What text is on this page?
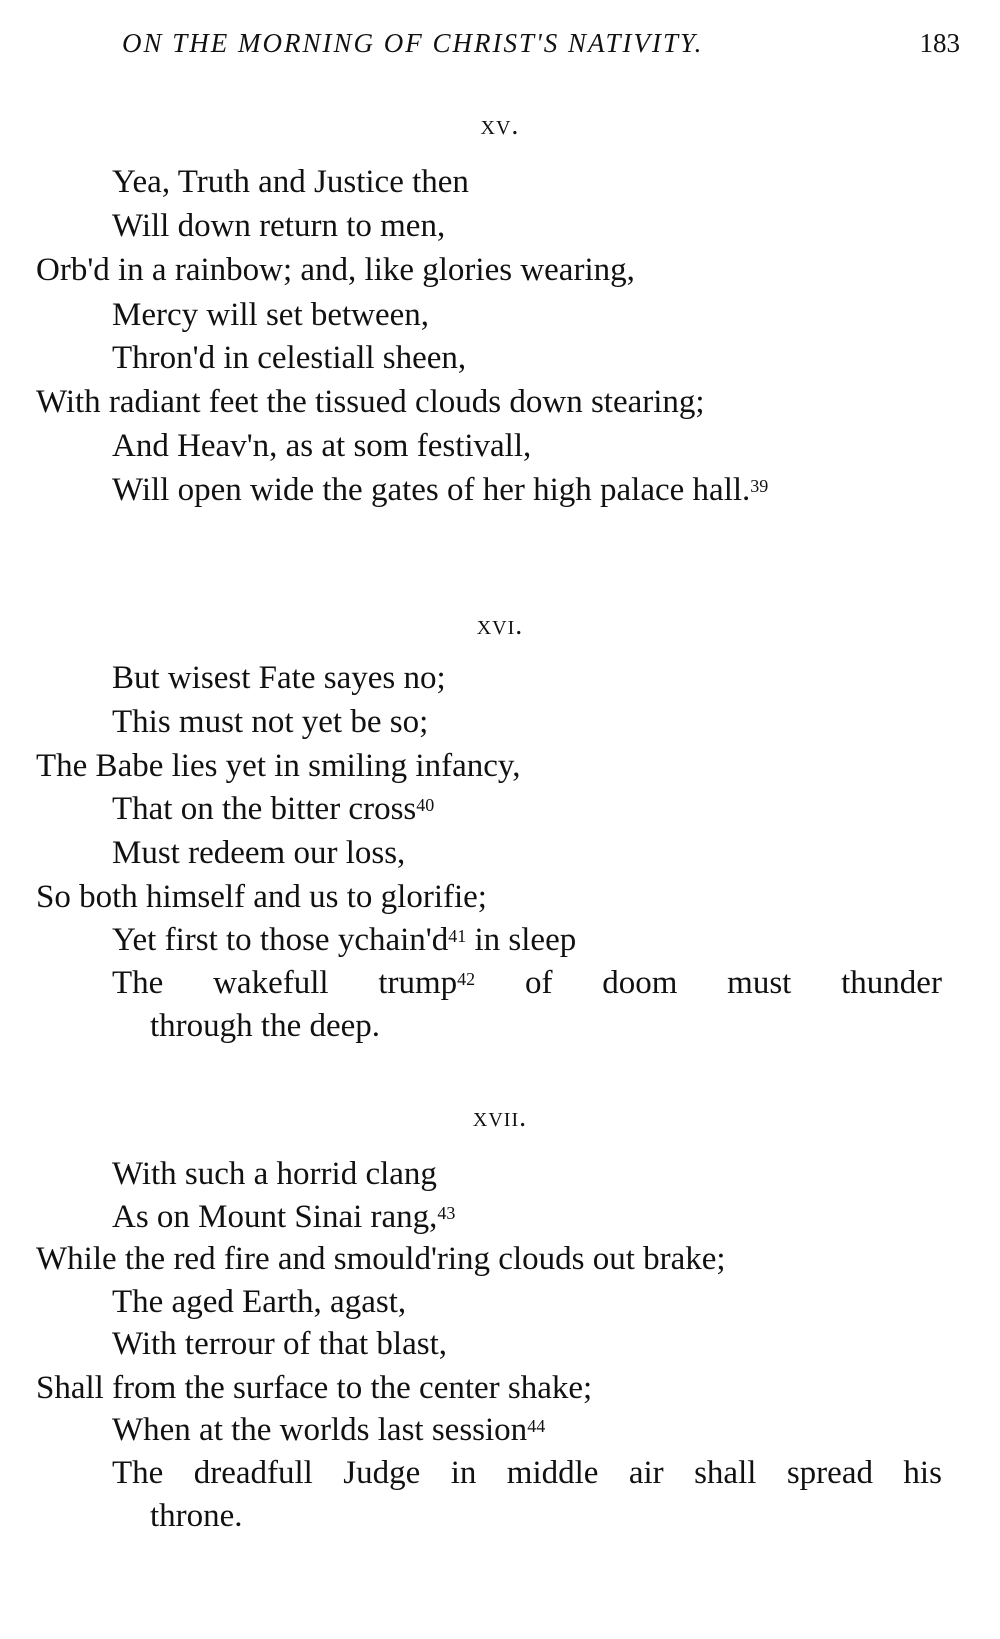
ON THE MORNING OF CHRIST'S NATIVITY.	183
xv.
Yea, Truth and Justice then
Will down return to men,
Orb'd in a rainbow; and, like glories wearing,
Mercy will set between,
Thron'd in celestiall sheen,
With radiant feet the tissued clouds down stearing;
And Heav'n, as at som festivall,
Will open wide the gates of her high palace hall.$^{39}$
xvi.
But wisest Fate sayes no;
This must not yet be so;
The Babe lies yet in smiling infancy,
That on the bitter cross$^{40}$
Must redeem our loss,
So both himself and us to glorifie;
Yet first to those $ychain'd^{41}$ in sleep
The wakefull trump$^{42}$ of doom must thunder
through the deep.
xvii.
With such a horrid clang
As on Mount Sinai rang,$^{43}$
While the red fire and smould'ring clouds out brake;
The aged Earth, agast,
With terrour of that blast,
Shall from the surface to the center shake;
When at the worlds last session$^{44}$
The dreadfull Judge in middle air shall spread his
throne.
